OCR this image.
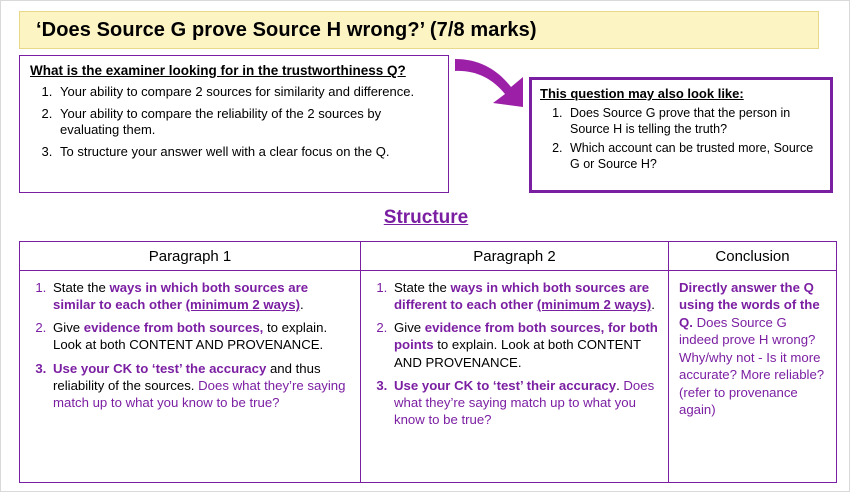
‘Does Source G prove Source H wrong?’ (7/8 marks)
What is the examiner looking for in the trustworthiness Q?
1. Your ability to compare 2 sources for similarity and difference.
2. Your ability to compare the reliability of the 2 sources by evaluating them.
3. To structure your answer well with a clear focus on the Q.
This question may also look like:
1. Does Source G prove that the person in Source H is telling the truth?
2. Which account can be trusted more, Source G or Source H?
Structure
Paragraph 1	Paragraph 2	Conclusion

1. State the ways in which both sources are similar to each other (minimum 2 ways).
2. Give evidence from both sources, to explain. Look at both CONTENT AND PROVENANCE.
3. Use your CK to ‘test’ the accuracy and thus reliability of the sources. Does what they’re saying match up to what you know to be true?

1. State the ways in which both sources are different to each other (minimum 2 ways).
2. Give evidence from both sources, for both points to explain. Look at both CONTENT AND PROVENANCE.
3. Use your CK to ‘test’ their accuracy. Does what they’re saying match up to what you know to be true?

Directly answer the Q using the words of the Q. Does Source G indeed prove H wrong? Why/why not - Is it more accurate? More reliable? (refer to provenance again)
